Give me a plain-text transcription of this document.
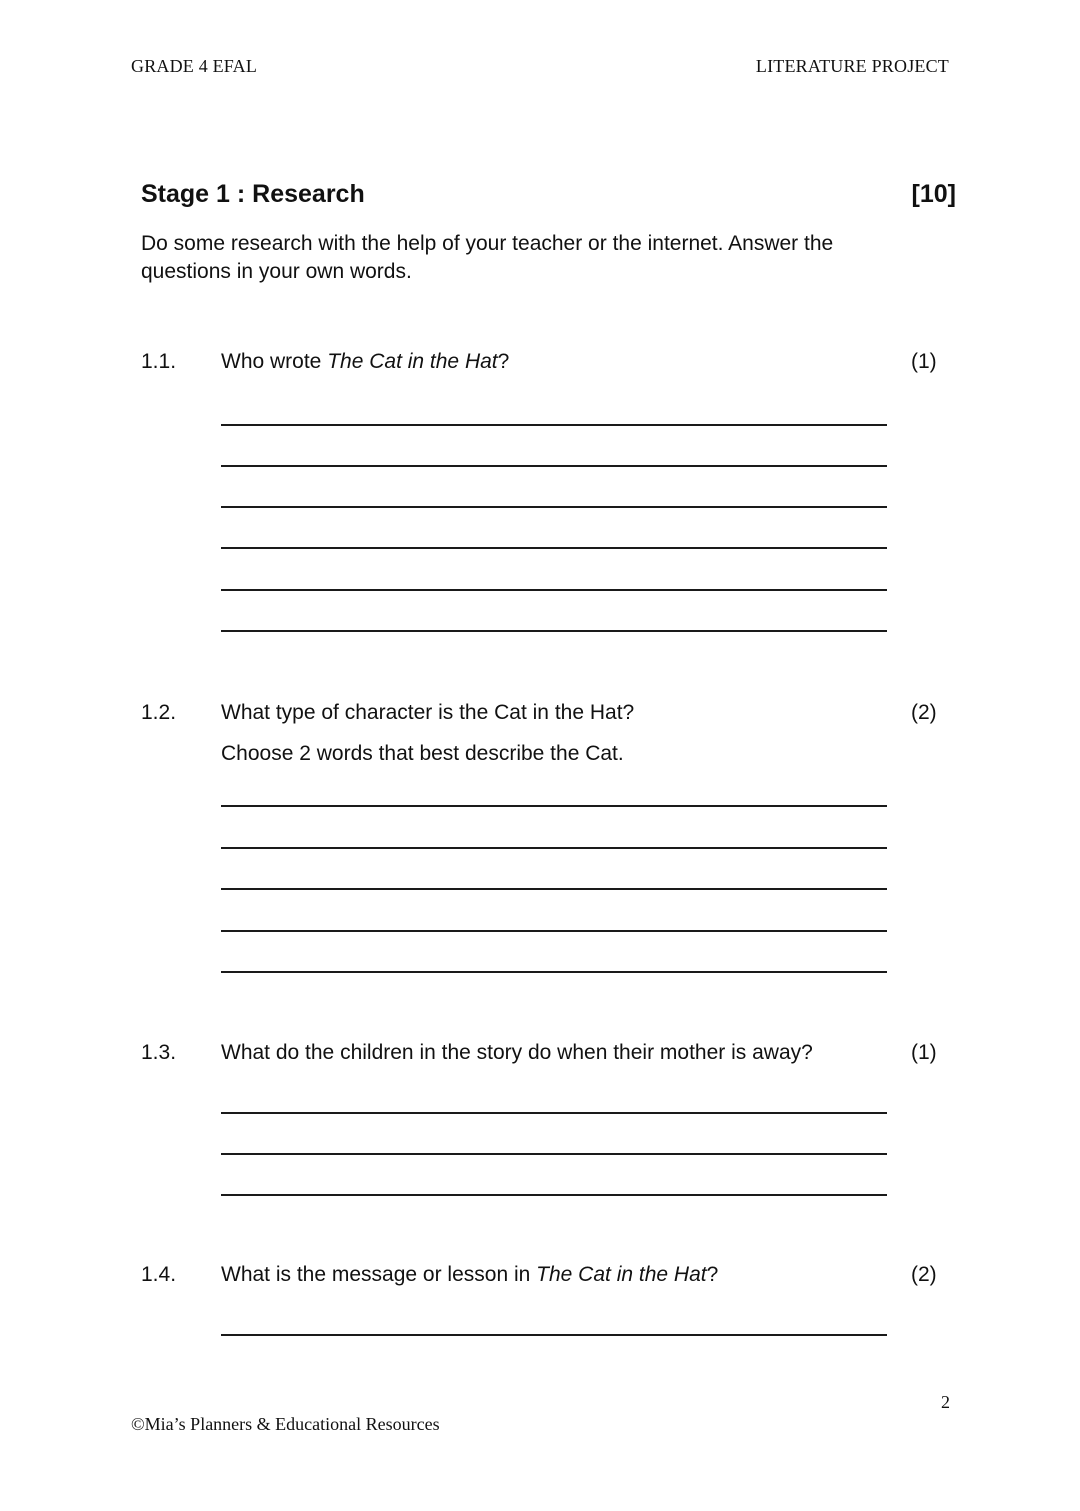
GRADE 4 EFAL	LITERATURE PROJECT
Stage 1 : Research	[10]
Do some research with the help of your teacher or the internet. Answer the questions in your own words.
1.1. Who wrote The Cat in the Hat?	(1)
1.2. What type of character is the Cat in the Hat?	(2)
Choose 2 words that best describe the Cat.
1.3. What do the children in the story do when their mother is away?	(1)
1.4. What is the message or lesson in The Cat in the Hat?	(2)
2
©Mia’s Planners & Educational Resources
